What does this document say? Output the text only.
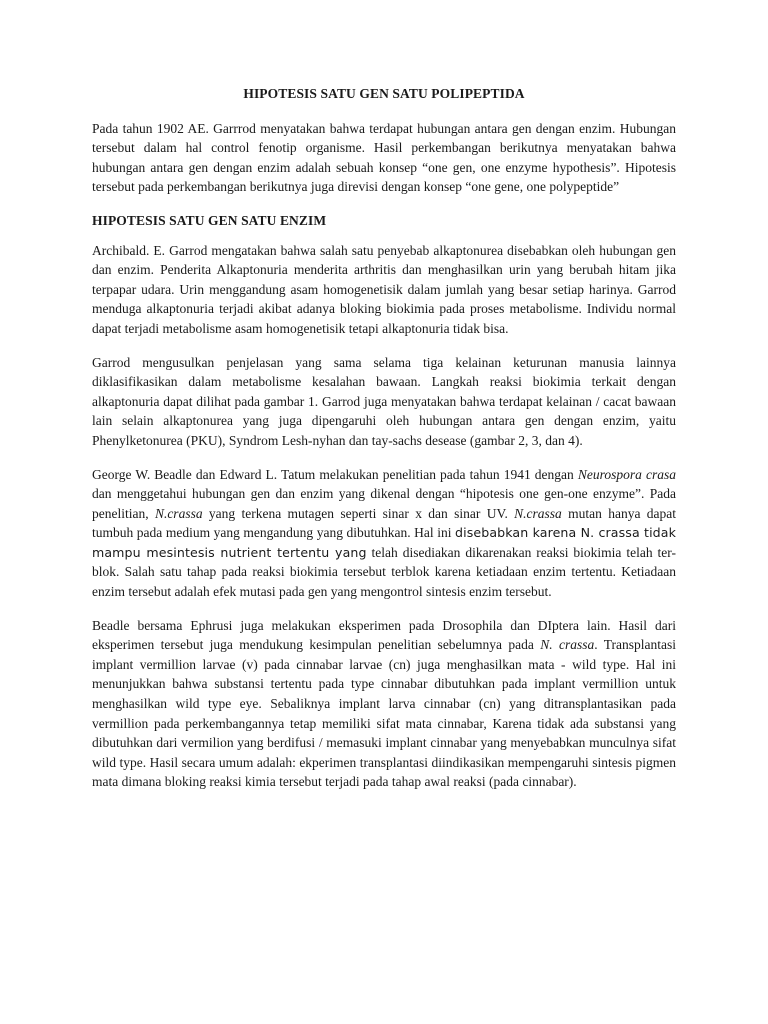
HIPOTESIS SATU GEN SATU POLIPEPTIDA

Pada tahun 1902 AE. Garrrod menyatakan bahwa terdapat hubungan antara gen dengan enzim. Hubungan tersebut dalam hal control fenotip organisme. Hasil perkembangan berikutnya menyatakan bahwa hubungan antara gen dengan enzim adalah sebuah konsep “one gen, one enzyme hypothesis”. Hipotesis tersebut pada perkembangan berikutnya juga direvisi dengan konsep “one gene, one polypeptide”

HIPOTESIS SATU GEN SATU ENZIM

Archibald. E. Garrod mengatakan bahwa salah satu penyebab alkaptonurea disebabkan oleh hubungan gen dan enzim. Penderita Alkaptonuria menderita arthritis dan menghasilkan urin yang berubah hitam jika terpapar udara. Urin menggandung asam homogenetisik dalam jumlah yang besar setiap harinya. Garrod menduga alkaptonuria terjadi akibat adanya bloking biokimia pada proses metabolisme. Individu normal dapat terjadi metabolisme asam homogenetisik tetapi alkaptonuria tidak bisa.

Garrod mengusulkan penjelasan yang sama selama tiga kelainan keturunan manusia lainnya diklasifikasikan dalam metabolisme kesalahan bawaan. Langkah reaksi biokimia terkait dengan alkaptonuria dapat dilihat pada gambar 1. Garrod juga menyatakan bahwa terdapat kelainan / cacat bawaan lain selain alkaptonurea yang juga dipengaruhi oleh hubungan antara gen dengan enzim, yaitu Phenylketonurea (PKU), Syndrom Lesh-nyhan dan tay-sachs desease (gambar 2, 3, dan 4).

George W. Beadle dan Edward L. Tatum melakukan penelitian pada tahun 1941 dengan Neurospora crasa dan menggetahui hubungan gen dan enzim yang dikenal dengan “hipotesis one gen-one enzyme”. Pada penelitian, N.crassa yang terkena mutagen seperti sinar x dan sinar UV. N.crassa mutan hanya dapat tumbuh pada medium yang mengandung yang dibutuhkan. Hal ini disebabkan karena N. crassa tidak mampu mesintesis nutrient tertentu yang telah disediakan dikarenakan reaksi biokimia telah ter-blok. Salah satu tahap pada reaksi biokimia tersebut terblok karena ketiadaan enzim tertentu. Ketiadaan enzim tersebut adalah efek mutasi pada gen yang mengontrol sintesis enzim tersebut.

Beadle bersama Ephrusi juga melakukan eksperimen pada Drosophila dan DIptera lain. Hasil dari eksperimen tersebut juga mendukung kesimpulan penelitian sebelumnya pada N. crassa. Transplantasi implant vermillion larvae (v) pada cinnabar larvae (cn) juga menghasilkan mata - wild type. Hal ini menunjukkan bahwa substansi tertentu pada type cinnabar dibutuhkan pada implant vermillion untuk menghasilkan wild type eye. Sebaliknya implant larva cinnabar (cn) yang ditransplantasikan pada vermillion pada perkembangannya tetap memiliki sifat mata cinnabar, Karena tidak ada substansi yang dibutuhkan dari vermilion yang berdifusi / memasuki implant cinnabar yang menyebabkan munculnya sifat wild type. Hasil secara umum adalah: ekperimen transplantasi diindikasikan mempengaruhi sintesis pigmen mata dimana bloking reaksi kimia tersebut terjadi pada tahap awal reaksi (pada cinnabar).
